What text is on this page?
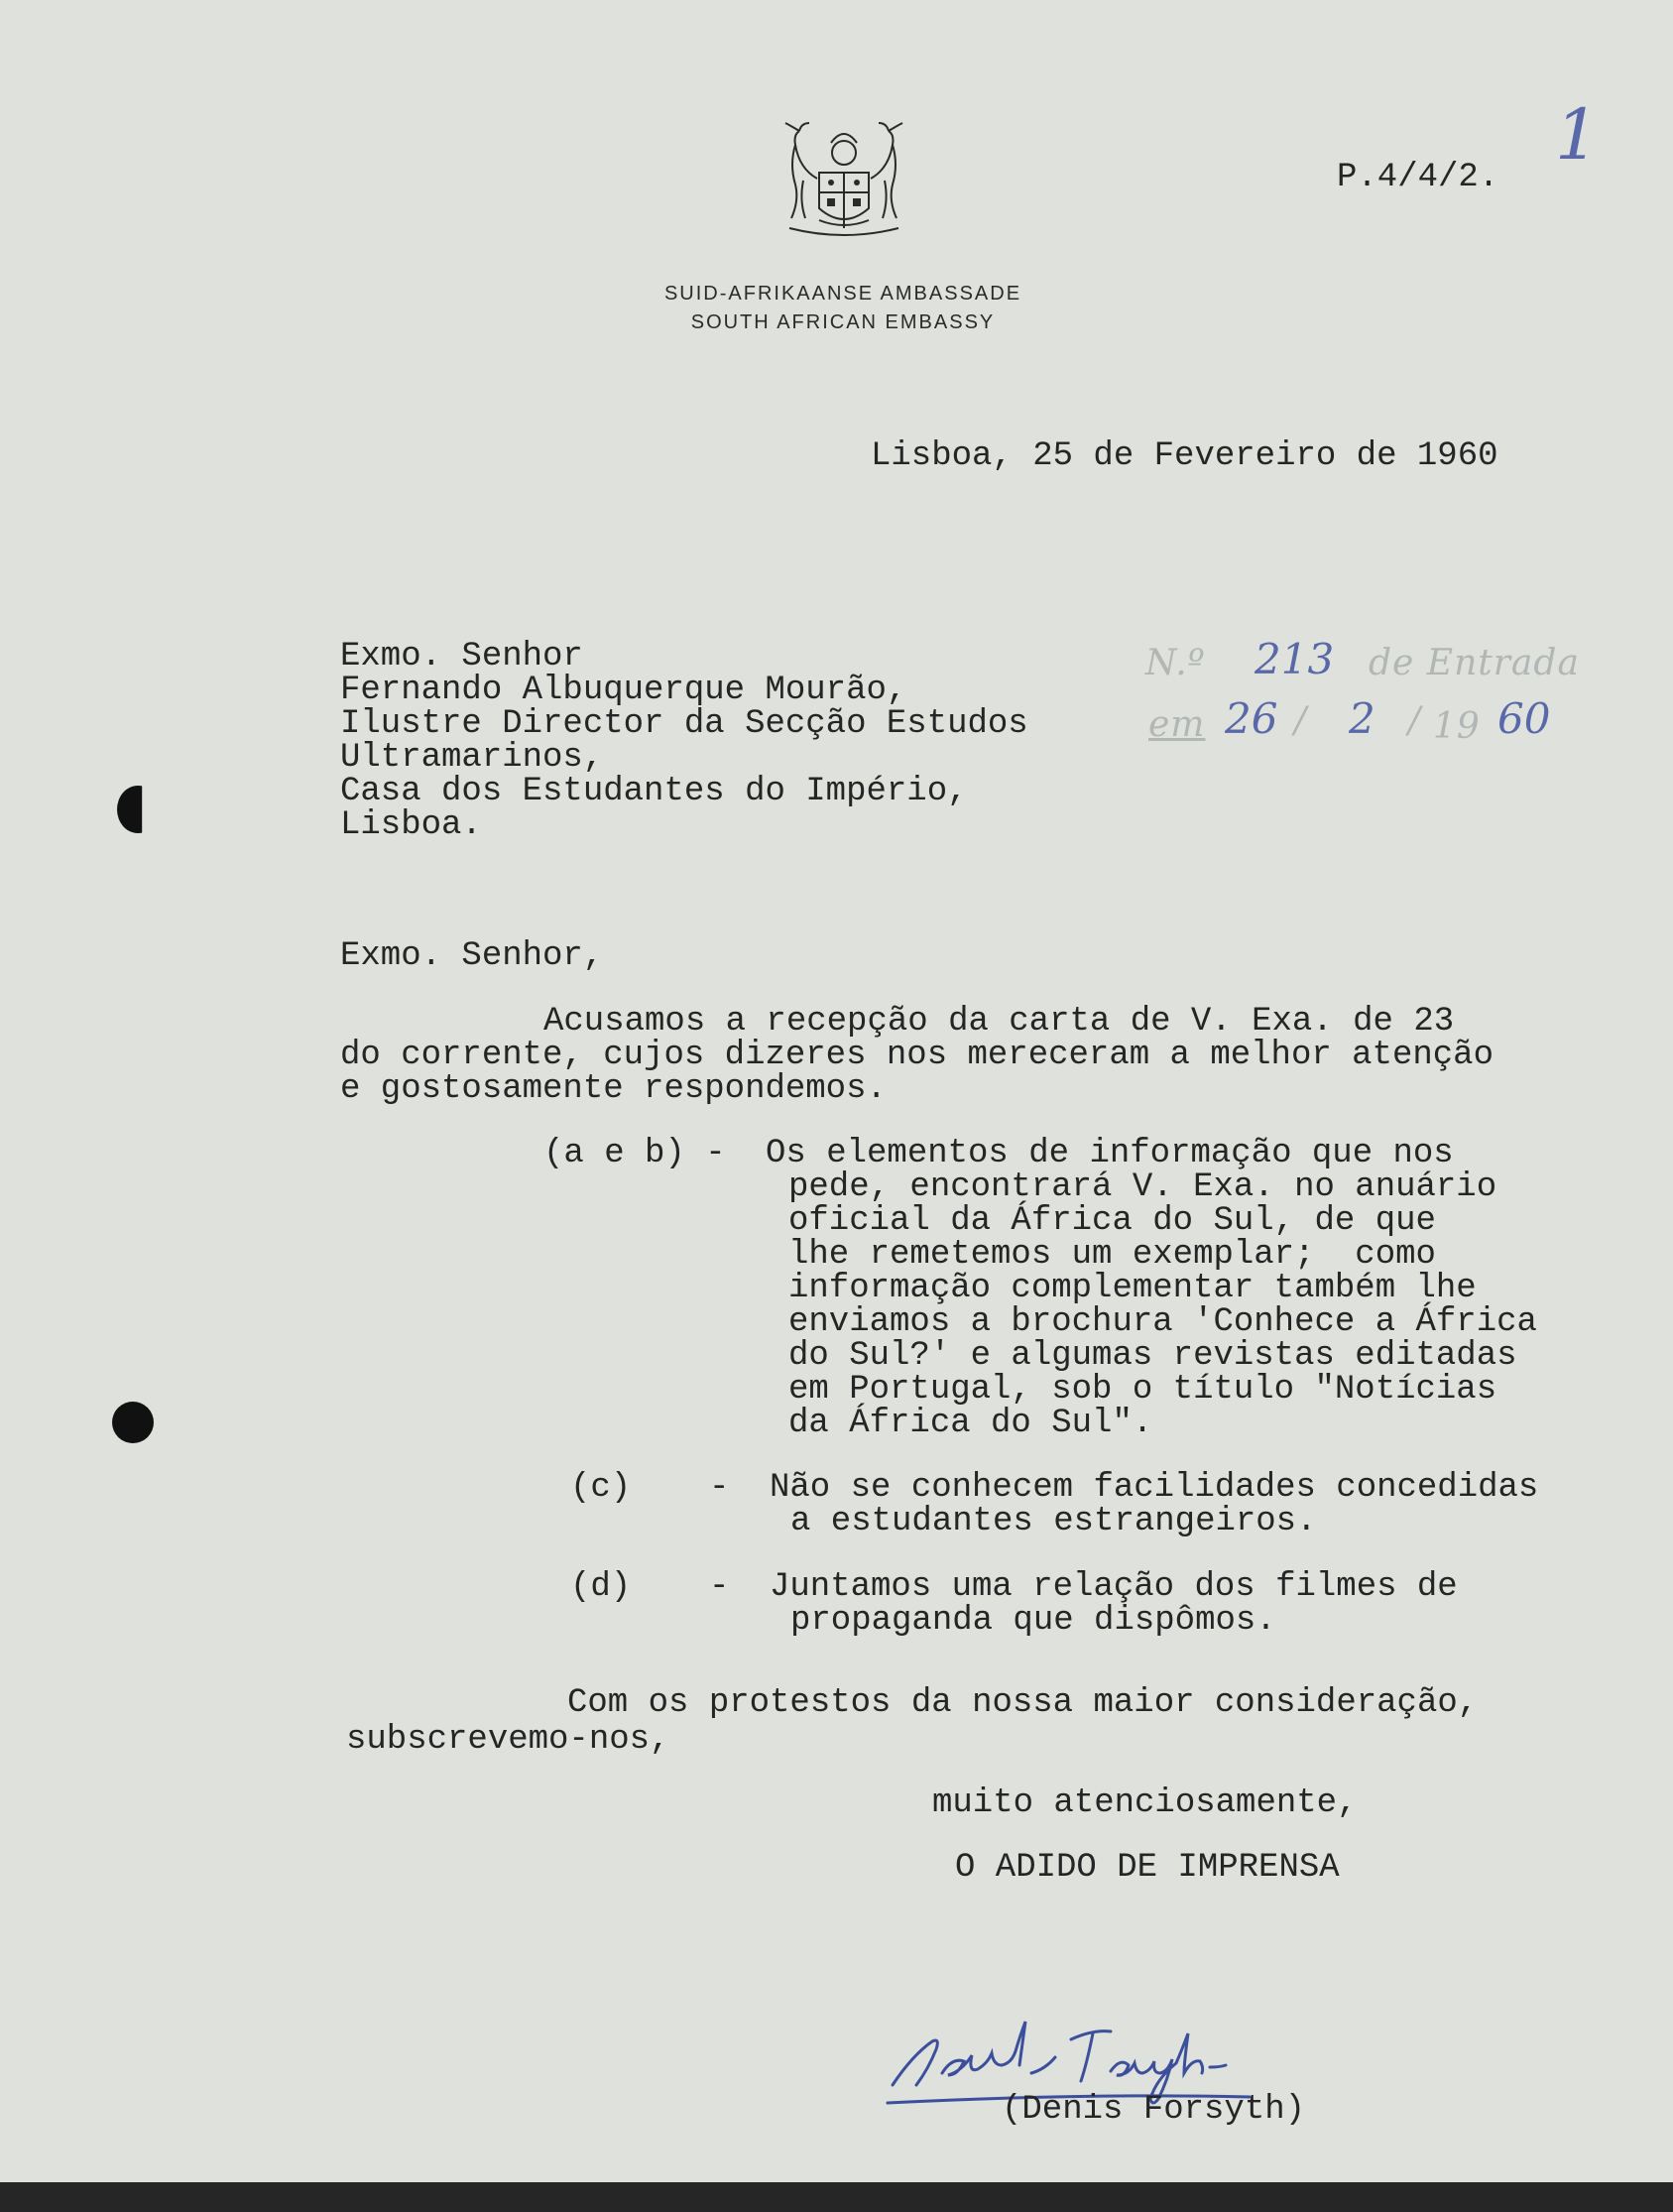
SUID-AFRIKAANSE AMBASSADE
SOUTH AFRICAN EMBASSY
P.4/4/2.
1
Lisboa, 25 de Fevereiro de 1960
Exmo. Senhor
Fernando Albuquerque Mourão,
Ilustre Director da Secção Estudos
Ultramarinos,
Casa dos Estudantes do Império,
Lisboa.
N.º 213 de Entrada
em 26 / 2 / 19 60
Exmo. Senhor,
Acusamos a recepção da carta de V. Exa. de 23
do corrente, cujos dizeres nos mereceram a melhor atenção
e gostosamente respondemos.
(a e b) - Os elementos de informação que nos
pede, encontrará V. Exa. no anuário
oficial da África do Sul, de que
lhe remetemos um exemplar;  como
informação complementar também lhe
enviamos a brochura 'Conhece a África
do Sul?' e algumas revistas editadas
em Portugal, sob o título "Notícias
da África do Sul".
(c) - Não se conhecem facilidades concedidas
a estudantes estrangeiros.
(d) - Juntamos uma relação dos filmes de
propaganda que dispômos.
Com os protestos da nossa maior consideração,
subscrevemo-nos,
muito atenciosamente,
O ADIDO DE IMPRENSA
(Denis Forsyth)
